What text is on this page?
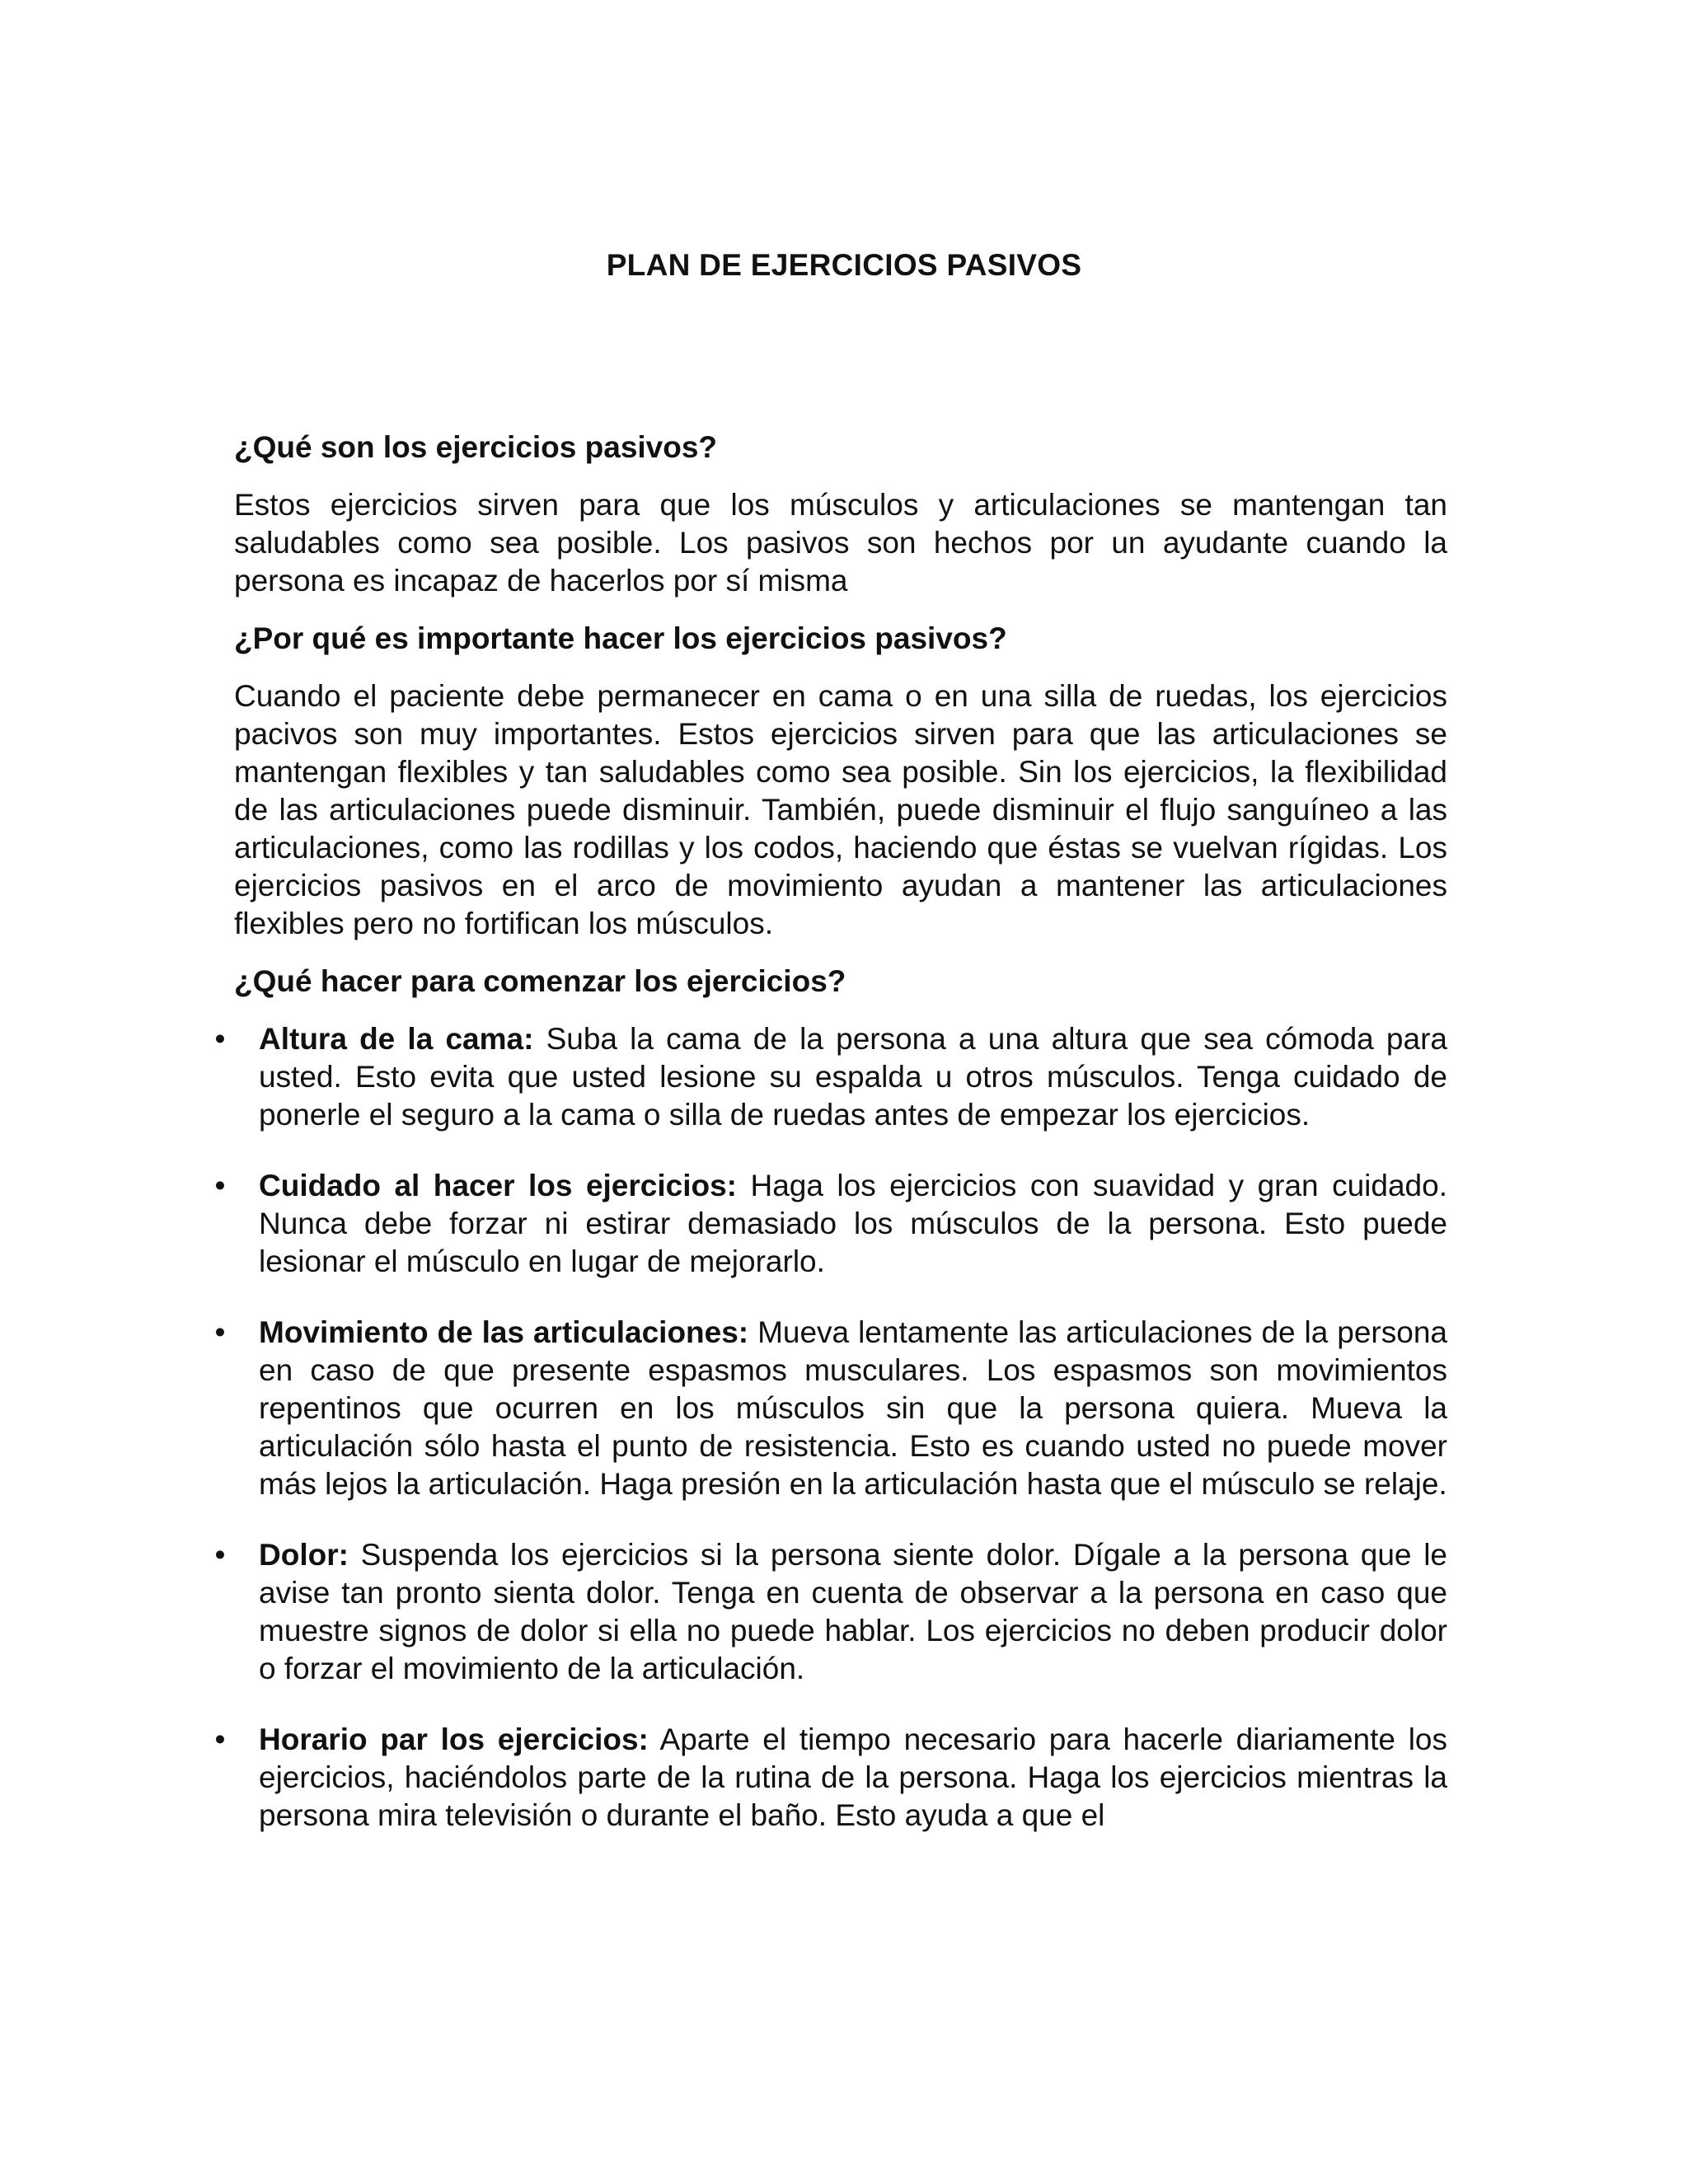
PLAN DE EJERCICIOS PASIVOS
¿Qué son los ejercicios pasivos?

Estos ejercicios sirven para que los músculos y articulaciones se mantengan tan saludables como sea posible. Los pasivos son hechos por un ayudante cuando la persona es incapaz de hacerlos por sí misma

¿Por qué es importante hacer los ejercicios pasivos?

Cuando el paciente debe permanecer en cama o en una silla de ruedas, los ejercicios pacivos son muy importantes. Estos ejercicios sirven para que las articulaciones se mantengan flexibles y tan saludables como sea posible. Sin los ejercicios, la flexibilidad de las articulaciones puede disminuir. También, puede disminuir el flujo sanguíneo a las articulaciones, como las rodillas y los codos, haciendo que éstas se vuelvan rígidas. Los ejercicios pasivos en el arco de movimiento ayudan a mantener las articulaciones flexibles pero no fortifican los músculos.

¿Qué hacer para comenzar los ejercicios?
• Altura de la cama: Suba la cama de la persona a una altura que sea cómoda para usted. Esto evita que usted lesione su espalda u otros músculos. Tenga cuidado de ponerle el seguro a la cama o silla de ruedas antes de empezar los ejercicios.
• Cuidado al hacer los ejercicios: Haga los ejercicios con suavidad y gran cuidado. Nunca debe forzar ni estirar demasiado los músculos de la persona. Esto puede lesionar el músculo en lugar de mejorarlo.
• Movimiento de las articulaciones: Mueva lentamente las articulaciones de la persona en caso de que presente espasmos musculares. Los espasmos son movimientos repentinos que ocurren en los músculos sin que la persona quiera. Mueva la articulación sólo hasta el punto de resistencia. Esto es cuando usted no puede mover más lejos la articulación. Haga presión en la articulación hasta que el músculo se relaje.
• Dolor: Suspenda los ejercicios si la persona siente dolor. Dígale a la persona que le avise tan pronto sienta dolor. Tenga en cuenta de observar a la persona en caso que muestre signos de dolor si ella no puede hablar. Los ejercicios no deben producir dolor o forzar el movimiento de la articulación.
• Horario par los ejercicios: Aparte el tiempo necesario para hacerle diariamente los ejercicios, haciéndolos parte de la rutina de la persona. Haga los ejercicios mientras la persona mira televisión o durante el baño. Esto ayuda a que el
